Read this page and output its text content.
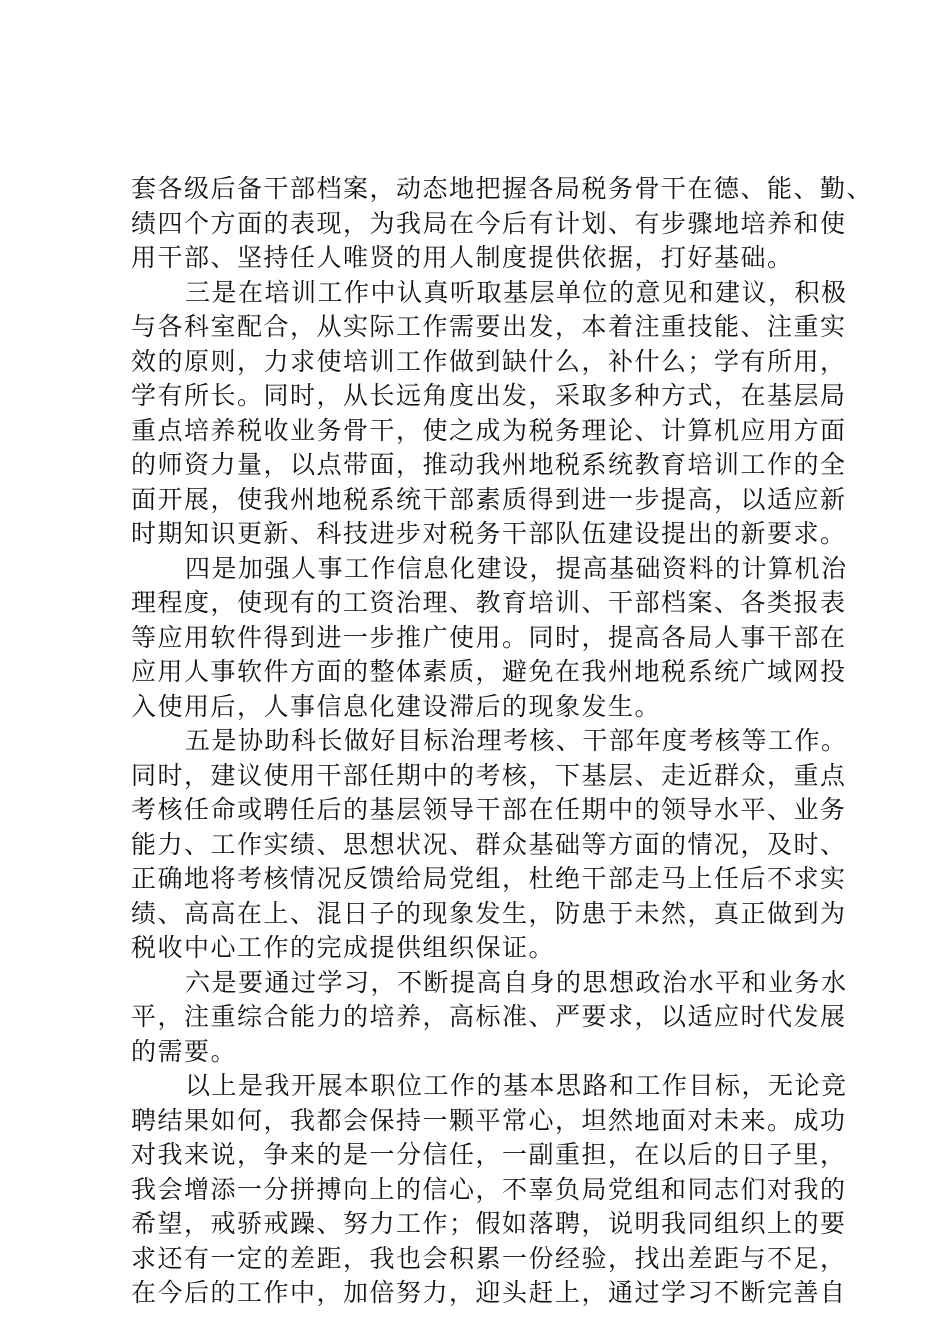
套各级后备干部档案，动态地把握各局税务骨干在德、能、勤、
绩四个方面的表现，为我局在今后有计划、有步骤地培养和使
用干部、坚持任人唯贤的用人制度提供依据，打好基础。
三是在培训工作中认真听取基层单位的意见和建议，积极
与各科室配合，从实际工作需要出发，本着注重技能、注重实
效的原则，力求使培训工作做到缺什么，补什么；学有所用，
学有所长。同时，从长远角度出发，采取多种方式，在基层局
重点培养税收业务骨干，使之成为税务理论、计算机应用方面
的师资力量，以点带面，推动我州地税系统教育培训工作的全
面开展，使我州地税系统干部素质得到进一步提高，以适应新
时期知识更新、科技进步对税务干部队伍建设提出的新要求。
四是加强人事工作信息化建设，提高基础资料的计算机治
理程度，使现有的工资治理、教育培训、干部档案、各类报表
等应用软件得到进一步推广使用。同时，提高各局人事干部在
应用人事软件方面的整体素质，避免在我州地税系统广域网投
入使用后，人事信息化建设滞后的现象发生。
五是协助科长做好目标治理考核、干部年度考核等工作。
同时，建议使用干部任期中的考核，下基层、走近群众，重点
考核任命或聘任后的基层领导干部在任期中的领导水平、业务
能力、工作实绩、思想状况、群众基础等方面的情况，及时、
正确地将考核情况反馈给局党组，杜绝干部走马上任后不求实
绩、高高在上、混日子的现象发生，防患于未然，真正做到为
税收中心工作的完成提供组织保证。
六是要通过学习，不断提高自身的思想政治水平和业务水
平，注重综合能力的培养，高标准、严要求，以适应时代发展
的需要。
以上是我开展本职位工作的基本思路和工作目标，无论竞
聘结果如何，我都会保持一颗平常心，坦然地面对未来。成功
对我来说，争来的是一分信任，一副重担，在以后的日子里，
我会增添一分拼搏向上的信心，不辜负局党组和同志们对我的
希望，戒骄戒躁、努力工作；假如落聘，说明我同组织上的要
求还有一定的差距，我也会积累一份经验，找出差距与不足，
在今后的工作中，加倍努力，迎头赶上，通过学习不断完善自
